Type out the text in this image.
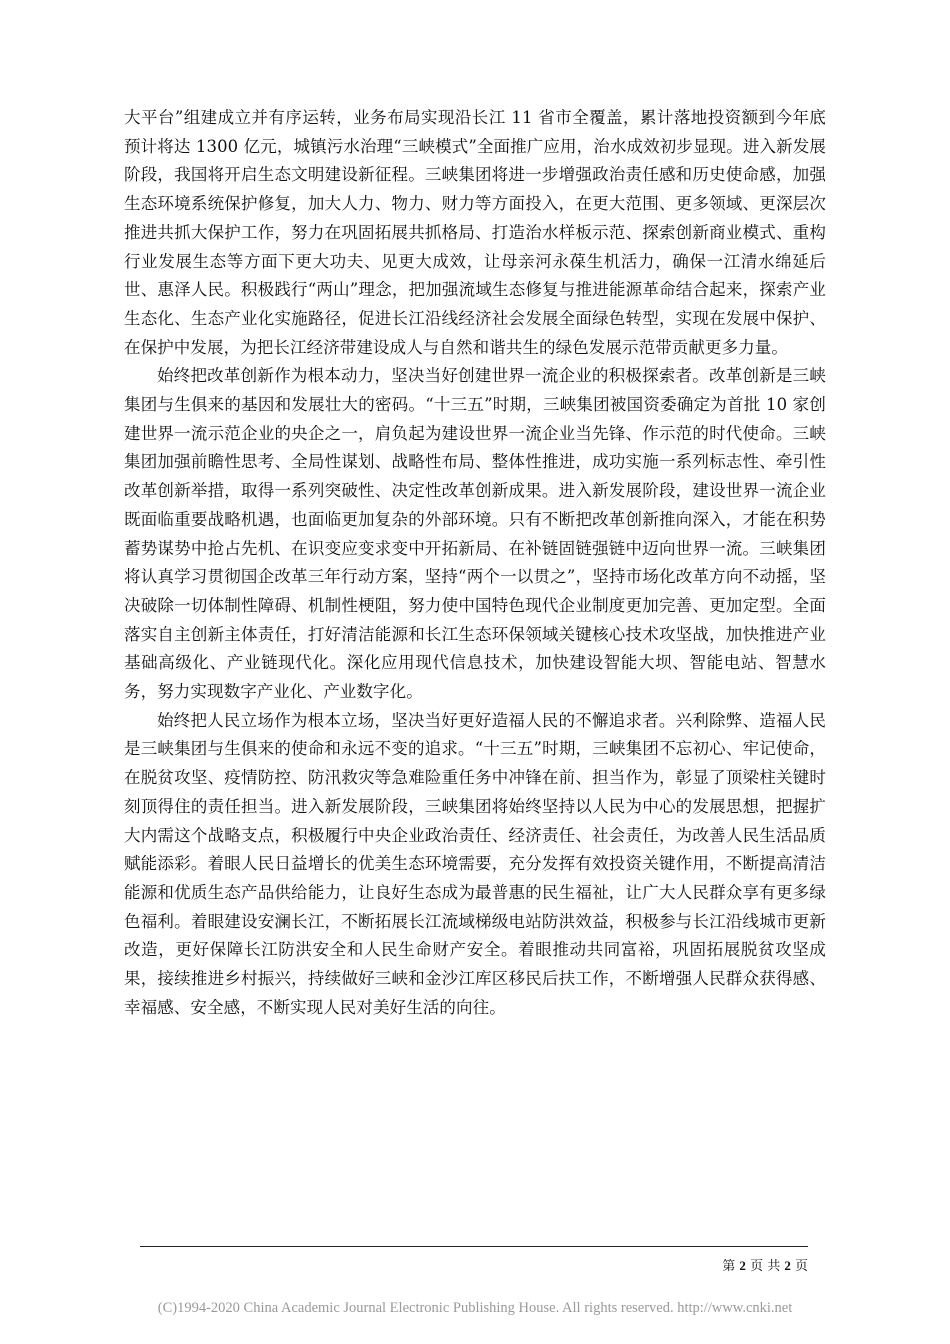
大平台”组建成立并有序运转，业务布局实现沿长江 11 省市全覆盖，累计落地投资额到今年底预计将达 1300 亿元，城镇污水治理“三峡模式”全面推广应用，治水成效初步显现。进入新发展阶段，我国将开启生态文明建设新征程。三峡集团将进一步增强政治责任感和历史使命感，加强生态环境系统保护修复，加大人力、物力、财力等方面投入，在更大范围、更多领域、更深层次推进共抓大保护工作，努力在巩固拓展共抓格局、打造治水样板示范、探索创新商业模式、重构行业发展生态等方面下更大功夫、见更大成效，让母亲河永葆生机活力，确保一江清水绵延后世、惠泽人民。积极践行“两山”理念，把加强流域生态修复与推进能源革命结合起来，探索产业生态化、生态产业化实施路径，促进长江沿线经济社会发展全面绿色转型，实现在发展中保护、在保护中发展，为把长江经济带建设成人与自然和谐共生的绿色发展示范带贡献更多力量。

始终把改革创新作为根本动力，坚决当好创建世界一流企业的积极探索者。改革创新是三峡集团与生俱来的基因和发展壮大的密码。“十三五”时期，三峡集团被国资委确定为首批 10 家创建世界一流示范企业的央企之一，肩负起为建设世界一流企业当先锋、作示范的时代使命。三峡集团加强前瞻性思考、全局性谋划、战略性布局、整体性推进，成功实施一系列标志性、牵引性改革创新举措，取得一系列突破性、决定性改革创新成果。进入新发展阶段，建设世界一流企业既面临重要战略机遇，也面临更加复杂的外部环境。只有不断把改革创新推向深入，才能在积势蓄势谋势中抢占先机、在识变应变求变中开拓新局、在补链固链强链中迈向世界一流。三峡集团将认真学习贯彻国企改革三年行动方案，坚持“两个一以贯之”，坚持市场化改革方向不动摇，坚决破除一切体制性障碍、机制性梗阻，努力使中国特色现代企业制度更加完善、更加定型。全面落实自主创新主体责任，打好清洁能源和长江生态环保领域关键核心技术攻坚战，加快推进产业基础高级化、产业链现代化。深化应用现代信息技术，加快建设智能大坝、智能电站、智慧水务，努力实现数字产业化、产业数字化。

始终把人民立场作为根本立场，坚决当好更好造福人民的不懈追求者。兴利除弊、造福人民是三峡集团与生俱来的使命和永远不变的追求。“十三五”时期，三峡集团不忘初心、牢记使命，在脱贫攻坚、疫情防控、防汛救灾等急难险重任务中冲锋在前、担当作为，彰显了顶梁柱关键时刻顶得住的责任担当。进入新发展阶段，三峡集团将始终坚持以人民为中心的发展思想，把握扩大内需这个战略支点，积极履行中央企业政治责任、经济责任、社会责任，为改善人民生活品质赋能添彩。着眼人民日益增长的优美生态环境需要，充分发挥有效投资关键作用，不断提高清洁能源和优质生态产品供给能力，让良好生态成为最普惠的民生福祉，让广大人民群众享有更多绿色福利。着眼建设安澜长江，不断拓展长江流域梯级电站防洪效益，积极参与长江沿线城市更新改造，更好保障长江防洪安全和人民生命财产安全。着眼推动共同富裕，巩固拓展脱贫攻坚成果，接续推进乡村振兴，持续做好三峡和金沙江库区移民后扶工作，不断增强人民群众获得感、幸福感、安全感，不断实现人民对美好生活的向往。

第 2 页 共 2 页
(C)1994-2020 China Academic Journal Electronic Publishing House. All rights reserved. http://www.cnki.net
